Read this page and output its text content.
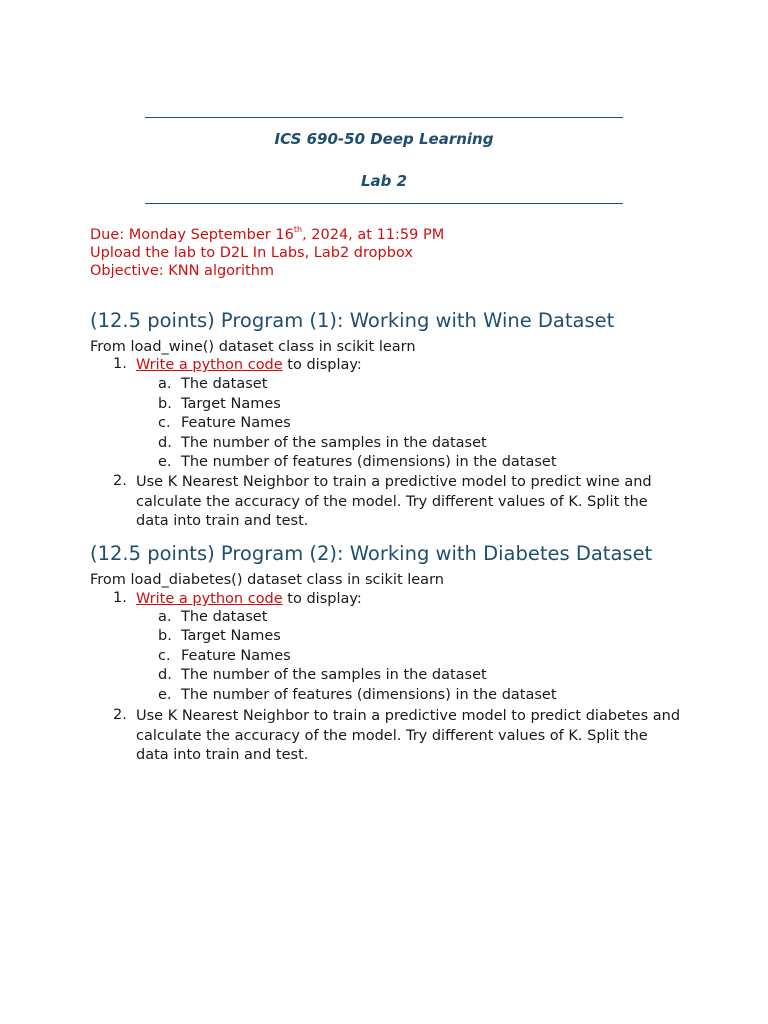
ICS 690-50 Deep Learning
Lab 2
Due: Monday September 16th, 2024, at 11:59 PM
Upload the lab to D2L In Labs, Lab2 dropbox
Objective: KNN algorithm
(12.5 points) Program (1): Working with Wine Dataset
From load_wine() dataset class in scikit learn
1. Write a python code to display:
a. The dataset
b. Target Names
c. Feature Names
d. The number of the samples in the dataset
e. The number of features (dimensions) in the dataset
2. Use K Nearest Neighbor to train a predictive model to predict wine and calculate the accuracy of the model. Try different values of K. Split the data into train and test.
(12.5 points) Program (2): Working with Diabetes Dataset
From load_diabetes() dataset class in scikit learn
1. Write a python code to display:
a. The dataset
b. Target Names
c. Feature Names
d. The number of the samples in the dataset
e. The number of features (dimensions) in the dataset
2. Use K Nearest Neighbor to train a predictive model to predict diabetes and calculate the accuracy of the model. Try different values of K. Split the data into train and test.
